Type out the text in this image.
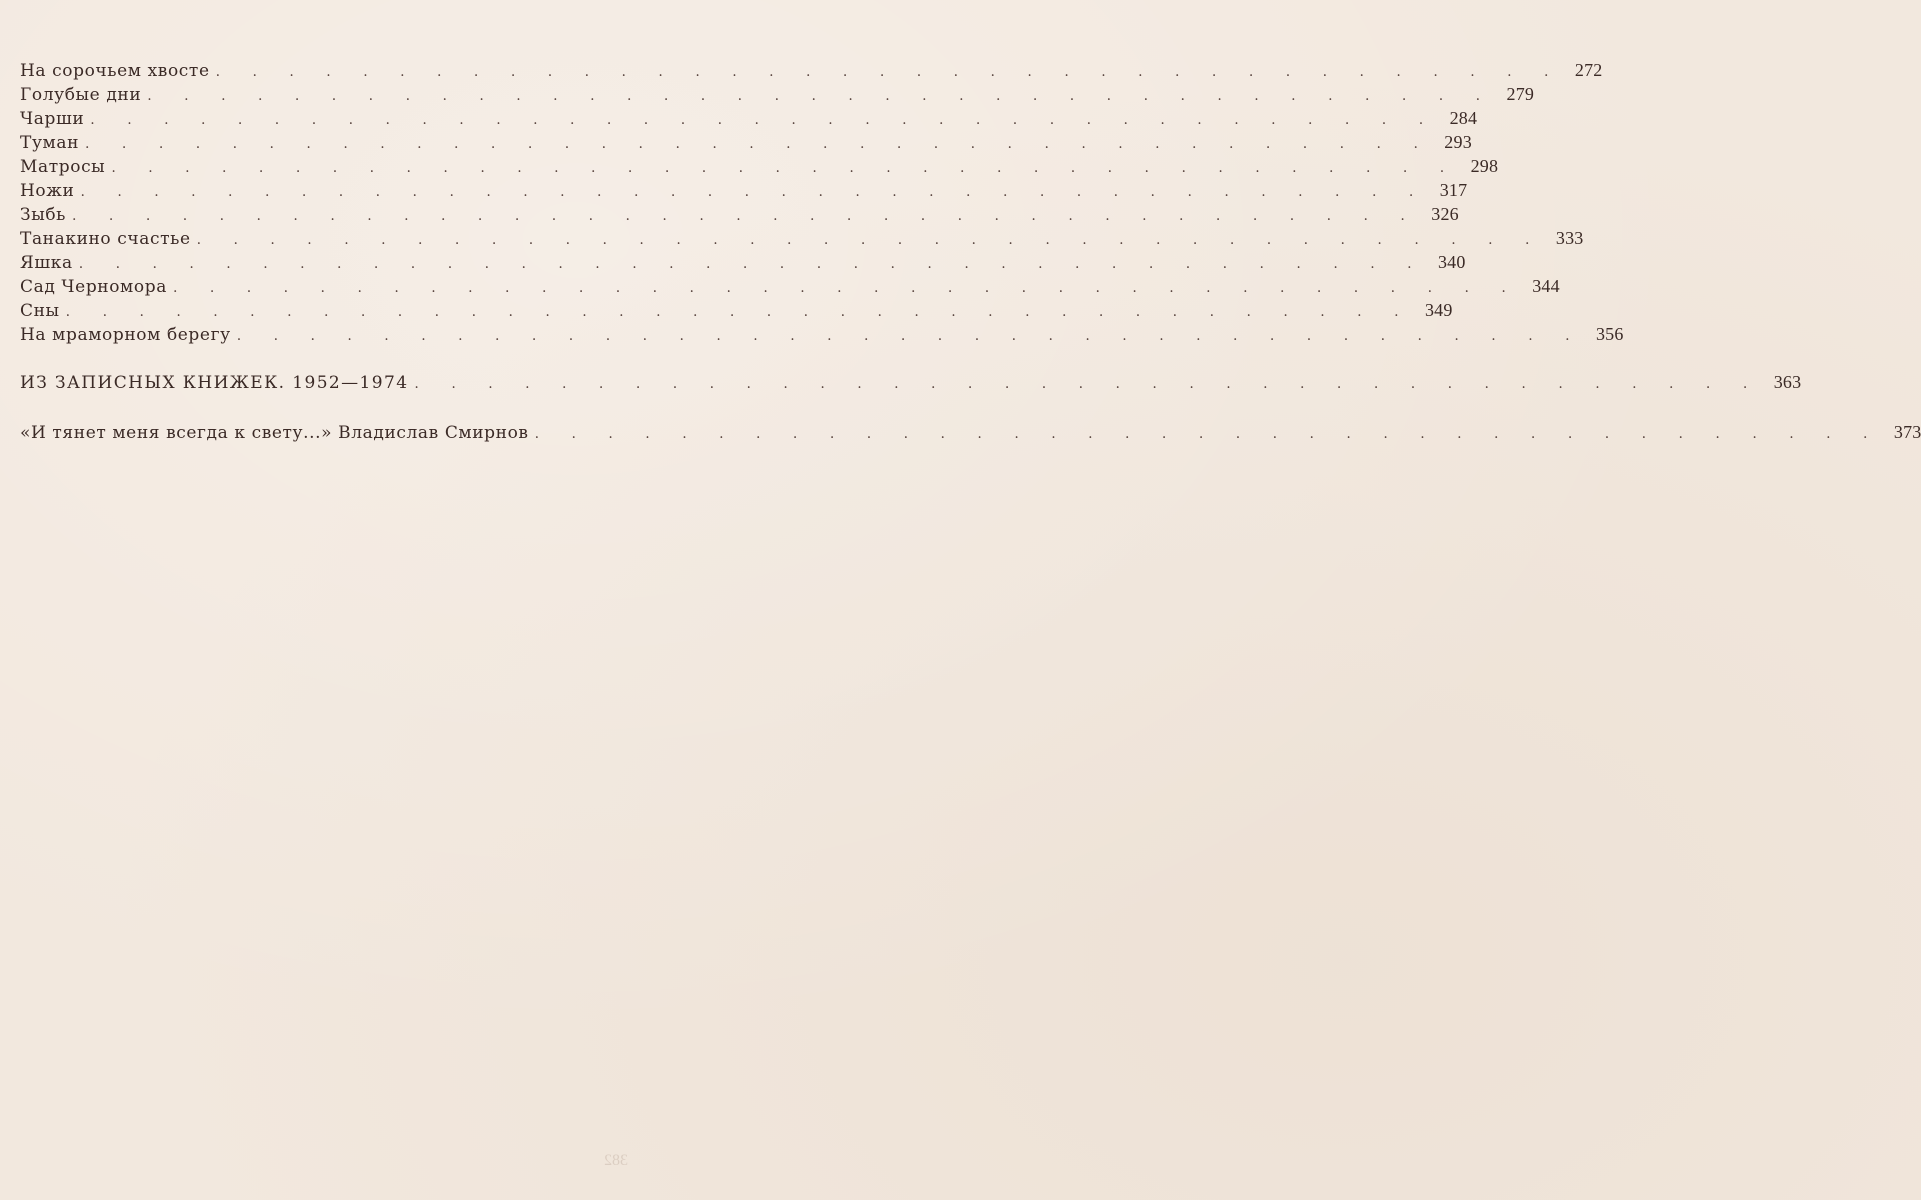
На сорочьем хвосте . . . . . . . . . . . . . . . . . . . . . . . . . . . . . . . . . . . . . 272
Голубые дни . . . . . . . . . . . . . . . . . . . . . . . . . . . . . . . . . . . . . 279
Чарши . . . . . . . . . . . . . . . . . . . . . . . . . . . . . . . . . . . . . 284
Туман . . . . . . . . . . . . . . . . . . . . . . . . . . . . . . . . . . . . . 293
Матросы . . . . . . . . . . . . . . . . . . . . . . . . . . . . . . . . . . . . . 298
Ножи . . . . . . . . . . . . . . . . . . . . . . . . . . . . . . . . . . . . . 317
Зыбь . . . . . . . . . . . . . . . . . . . . . . . . . . . . . . . . . . . . . 326
Танакино счастье . . . . . . . . . . . . . . . . . . . . . . . . . . . . . . . . . . . . . 333
Яшка . . . . . . . . . . . . . . . . . . . . . . . . . . . . . . . . . . . . . 340
Сад Черномора . . . . . . . . . . . . . . . . . . . . . . . . . . . . . . . . . . . . . 344
Сны . . . . . . . . . . . . . . . . . . . . . . . . . . . . . . . . . . . . . 349
На мраморном берегу . . . . . . . . . . . . . . . . . . . . . . . . . . . . . . . . . . . . . 356
ИЗ ЗАПИСНЫХ КНИЖЕК. 1952—1974 . . . . . . . . . . . . . . . . . . . . . . . . . . . . . . . . . . . . . 363
«И тянет меня всегда к свету...» Владислав Смирнов . . . . . . . . . . . . . . . . . . . . . . . . . . . . . . . . . . . . . 373
382
